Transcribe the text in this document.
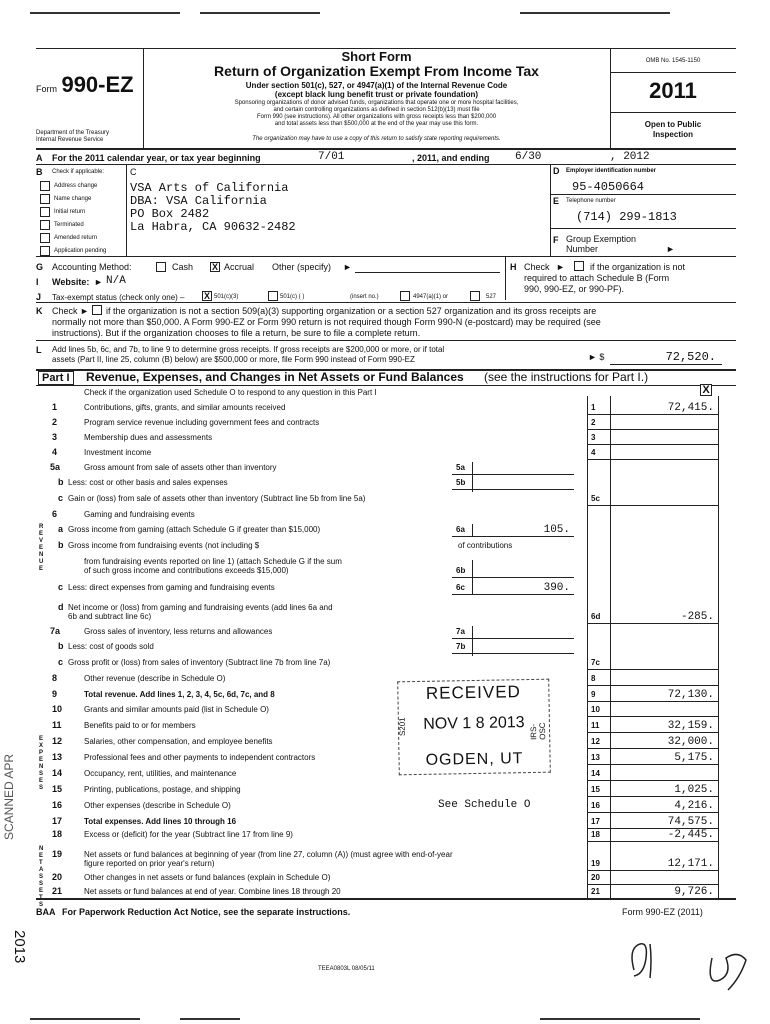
Form 990-EZ
Department of the Treasury
Internal Revenue Service
Short Form
Return of Organization Exempt From Income Tax
Under section 501(c), 527, or 4947(a)(1) of the Internal Revenue Code
(except black lung benefit trust or private foundation)
Sponsoring organizations of donor advised funds, organizations that operate one or more hospital facilities,
and certain controlling organizations as defined in section 512(b)(13) must file
Form 990 (see instructions). All other organizations with gross receipts less than $200,000
and total assets less than $500,000 at the end of the year may use this form.
The organization may have to use a copy of this return to satisfy state reporting requirements.
OMB No. 1545-1150
2011
Open to Public
Inspection
A For the 2011 calendar year, or tax year beginning	7/01	, 2011, and ending 6/30	, 2012
B Check if applicable:	C
Address change
Name change
Initial return
Terminated
Amended return
Application pending
VSA Arts of California
DBA: VSA California
PO Box 2482
La Habra, CA 90632-2482
D Employer identification number
95-4050664
E Telephone number
(714) 299-1813
F Group Exemption
Number	►
G Accounting Method:	Cash X Accrual Other (specify) ►
I Website: ► N/A
H Check ►	if the organization is not
required to attach Schedule B (Form
990, 990-EZ, or 990-PF).
J Tax-exempt status (check only one) – X 501(c)(3)	501(c) ( )	(insert no.)	4947(a)(1) or	527
K Check ► if the organization is not a section 509(a)(3) supporting organization or a section 527 organization and its gross receipts are
normally not more than $50,000. A Form 990-EZ or Form 990 return is not required though Form 990-N (e-postcard) may be required (see
instructions). But if the organization chooses to file a return, be sure to file a complete return.
L Add lines 5b, 6c, and 7b, to line 9 to determine gross receipts. If gross receipts are $200,000 or more, or if total
assets (Part II, line 25, column (B) below) are $500,000 or more, file Form 990 instead of Form 990-EZ	► $	72,520.
Part I	Revenue, Expenses, and Changes in Net Assets or Fund Balances (see the instructions for Part I.)
Check if the organization used Schedule O to respond to any question in this Part I	X
1	Contributions, gifts, grants, and similar amounts received	1	72,415.
2	Program service revenue including government fees and contracts	2
3	Membership dues and assessments	3
4	Investment income	4
5a	Gross amount from sale of assets other than inventory	5a
b Less: cost or other basis and sales expenses	5b
c Gain or (loss) from sale of assets other than inventory (Subtract line 5b from line 5a)	5c
6	Gaming and fundraising events
a Gross income from gaming (attach Schedule G if greater than $15,000)	6a	105.
b Gross income from fundraising events (not including $	of contributions
from fundraising events reported on line 1) (attach Schedule G if the sum
of such gross income and contributions exceeds $15,000)	6b
c Less: direct expenses from gaming and fundraising events	6c	390.
d Net income or (loss) from gaming and fundraising events (add lines 6a and
6b and subtract line 6c)	6d	-285.
7a	Gross sales of inventory, less returns and allowances	7a
b Less: cost of goods sold	7b
c Gross profit or (loss) from sales of inventory (Subtract line 7b from line 7a)	7c
8	Other revenue (describe in Schedule O)	8
9	Total revenue. Add lines 1, 2, 3, 4, 5c, 6d, 7c, and 8	9	72,130.
10	Grants and similar amounts paid (list in Schedule O)	10
11	Benefits paid to or for members	11	32,159.
12	Salaries, other compensation, and employee benefits	12	32,000.
13	Professional fees and other payments to independent contractors	13	5,175.
14	Occupancy, rent, utilities, and maintenance	14
15	Printing, publications, postage, and shipping	15	1,025.
16	Other expenses (describe in Schedule O)	See Schedule O	16	4,216.
17	Total expenses. Add lines 10 through 16	17	74,575.
18	Excess or (deficit) for the year (Subtract line 17 from line 9)	18	-2,445.
19	Net assets or fund balances at beginning of year (from line 27, column (A)) (must agree with end-of-year
figure reported on prior year's return)	19	12,171.
20	Other changes in net assets or fund balances (explain in Schedule O)	20
21	Net assets or fund balances at end of year. Combine lines 18 through 20	21	9,726.
R E V E N U E
E X P E N S E S
N E T A S S E T S
RECEIVED
NOV 1 8 2013
OGDEN, UT
S201	IRS-OSC
SCANNED APR
BAA For Paperwork Reduction Act Notice, see the separate instructions.	Form 990-EZ (2011)
2013
TEEA0803L 08/05/11
